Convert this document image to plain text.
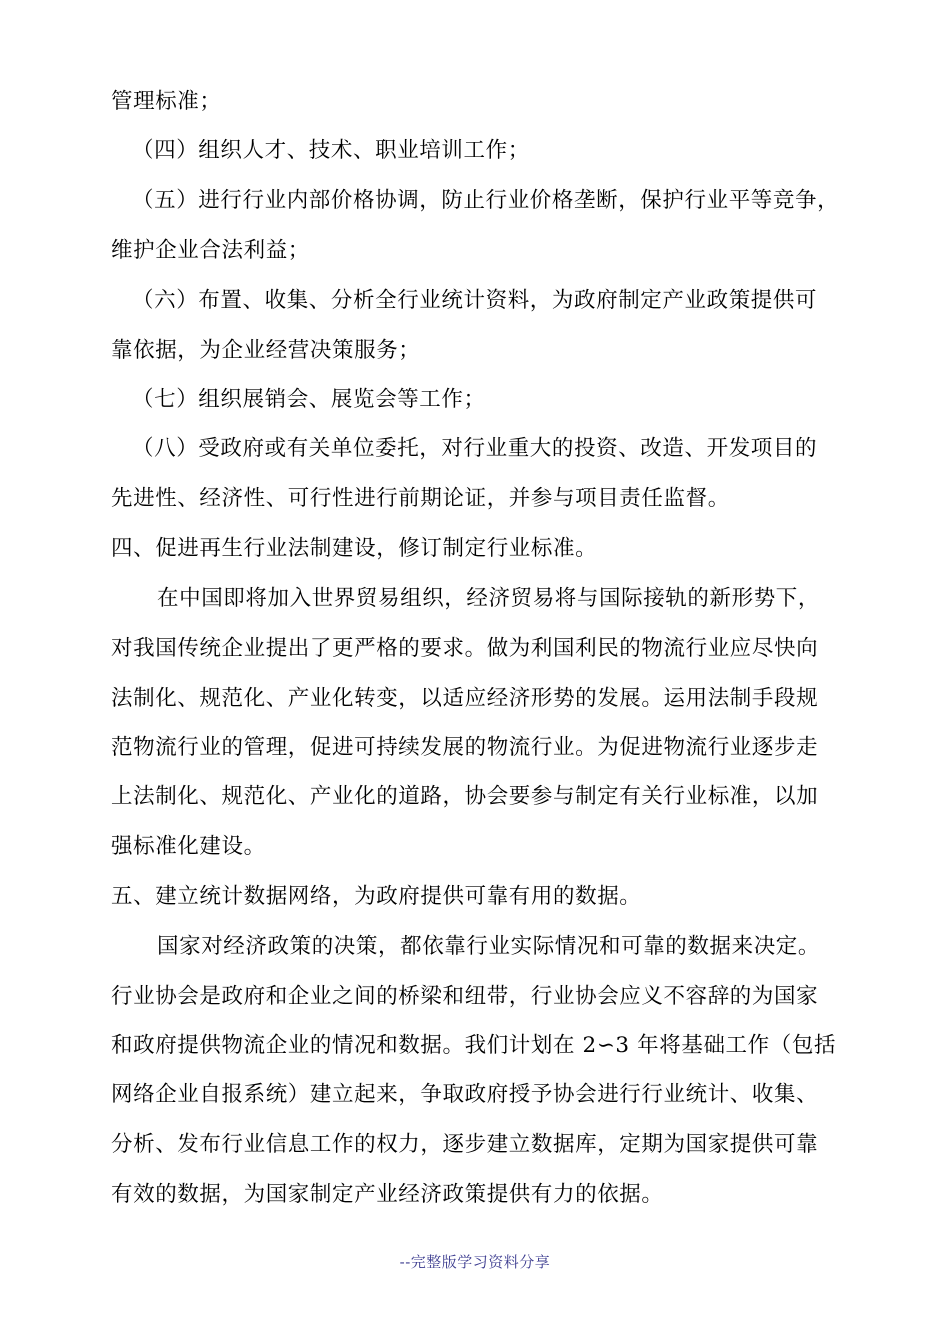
管理标准；
（四）组织人才、技术、职业培训工作；
（五）进行行业内部价格协调，防止行业价格垄断，保护行业平等竞争，
维护企业合法利益；
（六）布置、收集、分析全行业统计资料，为政府制定产业政策提供可
靠依据，为企业经营决策服务；
（七）组织展销会、展览会等工作；
（八）受政府或有关单位委托，对行业重大的投资、改造、开发项目的
先进性、经济性、可行性进行前期论证，并参与项目责任监督。
四、促进再生行业法制建设，修订制定行业标准。
在中国即将加入世界贸易组织，经济贸易将与国际接轨的新形势下，
对我国传统企业提出了更严格的要求。做为利国利民的物流行业应尽快向
法制化、规范化、产业化转变，以适应经济形势的发展。运用法制手段规
范物流行业的管理，促进可持续发展的物流行业。为促进物流行业逐步走
上法制化、规范化、产业化的道路，协会要参与制定有关行业标准，以加
强标准化建设。
五、建立统计数据网络，为政府提供可靠有用的数据。
国家对经济政策的决策，都依靠行业实际情况和可靠的数据来决定。
行业协会是政府和企业之间的桥梁和纽带，行业协会应义不容辞的为国家
和政府提供物流企业的情况和数据。我们计划在 2∽3 年将基础工作（包括
网络企业自报系统）建立起来，争取政府授予协会进行行业统计、收集、
分析、发布行业信息工作的权力，逐步建立数据库，定期为国家提供可靠
有效的数据，为国家制定产业经济政策提供有力的依据。
--完整版学习资料分享
